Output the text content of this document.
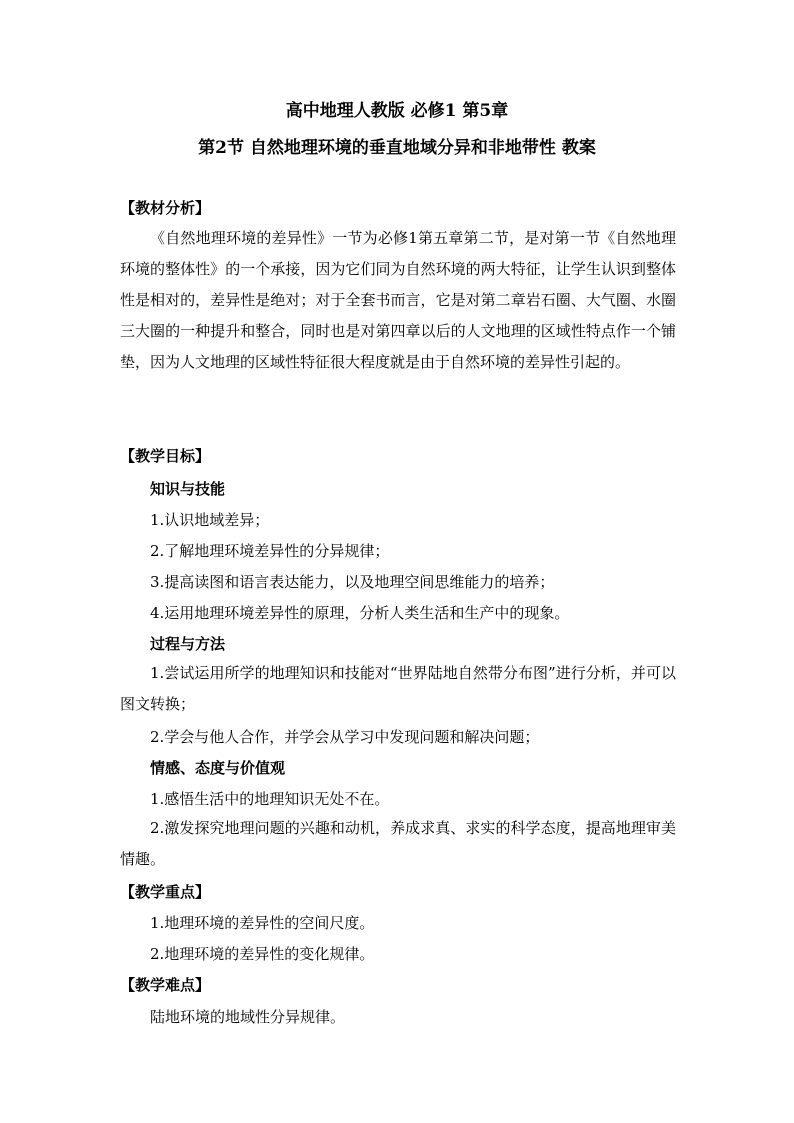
高中地理人教版 必修1 第5章
第2节 自然地理环境的垂直地域分异和非地带性 教案
【教材分析】
《自然地理环境的差异性》一节为必修1第五章第二节，是对第一节《自然地理环境的整体性》的一个承接，因为它们同为自然环境的两大特征，让学生认识到整体性是相对的，差异性是绝对；对于全套书而言，它是对第二章岩石圈、大气圈、水圈三大圈的一种提升和整合，同时也是对第四章以后的人文地理的区域性特点作一个铺垫，因为人文地理的区域性特征很大程度就是由于自然环境的差异性引起的。
【教学目标】
知识与技能
1.认识地域差异；
2.了解地理环境差异性的分异规律；
3.提高读图和语言表达能力，以及地理空间思维能力的培养；
4.运用地理环境差异性的原理，分析人类生活和生产中的现象。
过程与方法
1.尝试运用所学的地理知识和技能对“世界陆地自然带分布图”进行分析，并可以图文转换；
2.学会与他人合作，并学会从学习中发现问题和解决问题；
情感、态度与价值观
1.感悟生活中的地理知识无处不在。
2.激发探究地理问题的兴趣和动机，养成求真、求实的科学态度，提高地理审美情趣。
【教学重点】
1.地理环境的差异性的空间尺度。
2.地理环境的差异性的变化规律。
【教学难点】
陆地环境的地域性分异规律。
